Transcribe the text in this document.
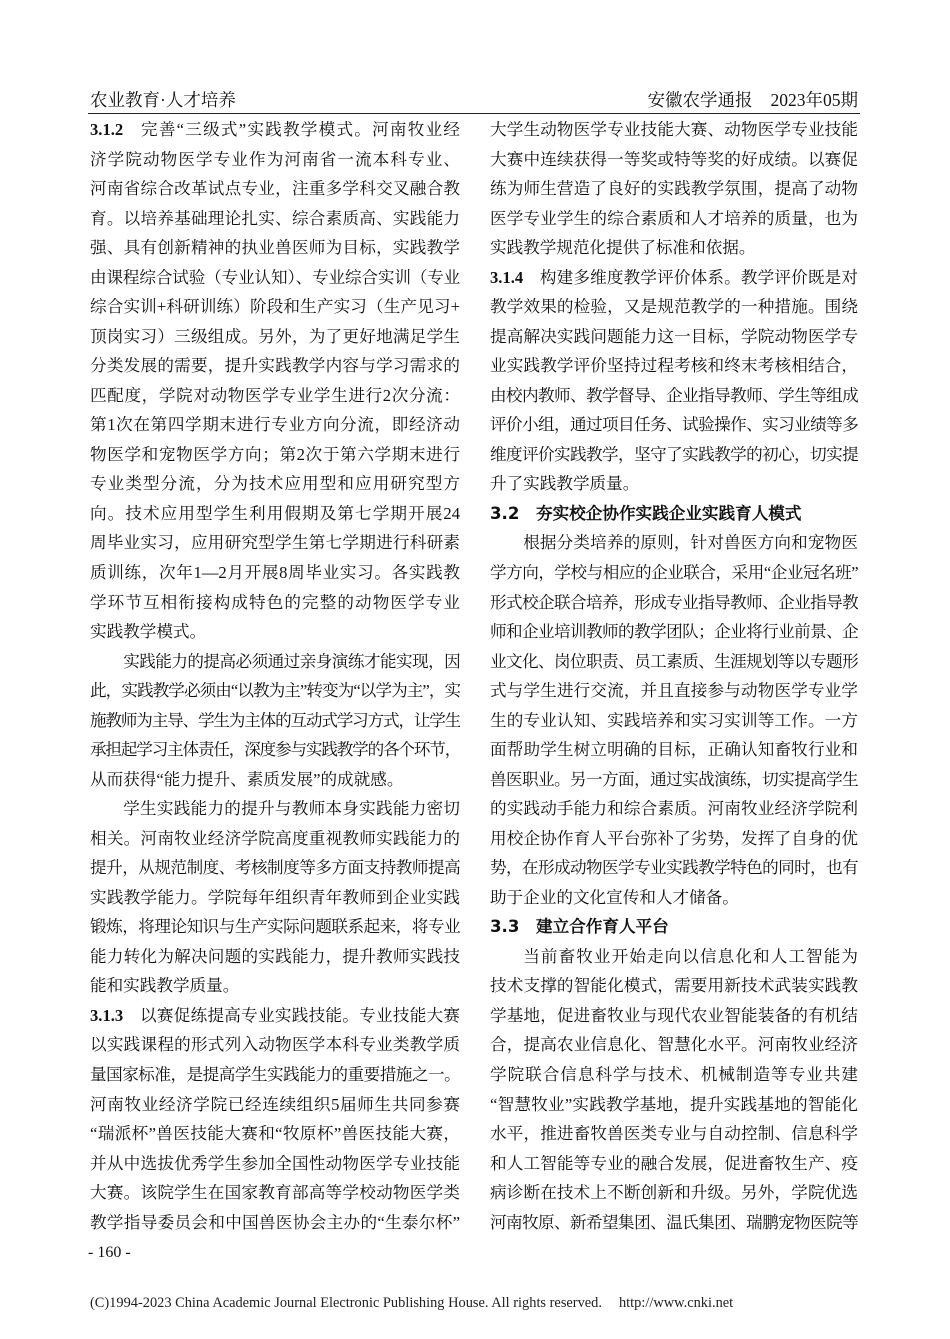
农业教育·人才培养	安徽农学通报 2023年05期
3.1.2 完善“三级式”实践教学模式。河南牧业经
济学院动物医学专业作为河南省一流本科专业、
河南省综合改革试点专业，注重多学科交叉融合教
育。以培养基础理论扎实、综合素质高、实践能力
强、具有创新精神的执业兽医师为目标，实践教学
由课程综合试验（专业认知）、专业综合实训（专业
综合实训+科研训练）阶段和生产实习（生产见习+
顶岗实习）三级组成。另外，为了更好地满足学生
分类发展的需要，提升实践教学内容与学习需求的
匹配度，学院对动物医学专业学生进行2次分流：
第1次在第四学期末进行专业方向分流，即经济动
物医学和宠物医学方向；第2次于第六学期末进行
专业类型分流，分为技术应用型和应用研究型方
向。技术应用型学生利用假期及第七学期开展24
周毕业实习，应用研究型学生第七学期进行科研素
质训练，次年1—2月开展8周毕业实习。各实践教
学环节互相衔接构成特色的完整的动物医学专业
实践教学模式。
实践能力的提高必须通过亲身演练才能实现，因
此，实践教学必须由“以教为主”转变为“以学为主”，实
施教师为主导、学生为主体的互动式学习方式，让学生
承担起学习主体责任，深度参与实践教学的各个环节，
从而获得“能力提升、素质发展”的成就感。
学生实践能力的提升与教师本身实践能力密切
相关。河南牧业经济学院高度重视教师实践能力的
提升，从规范制度、考核制度等多方面支持教师提高
实践教学能力。学院每年组织青年教师到企业实践
锻炼，将理论知识与生产实际问题联系起来，将专业
能力转化为解决问题的实践能力，提升教师实践技
能和实践教学质量。
3.1.3 以赛促练提高专业实践技能。专业技能大赛
以实践课程的形式列入动物医学本科专业类教学质
量国家标准，是提高学生实践能力的重要措施之一。
河南牧业经济学院已经连续组织5届师生共同参赛
“瑞派杯”兽医技能大赛和“牧原杯”兽医技能大赛，
并从中选拔优秀学生参加全国性动物医学专业技能
大赛。该院学生在国家教育部高等学校动物医学类
教学指导委员会和中国兽医协会主办的“生泰尔杯”
大学生动物医学专业技能大赛、动物医学专业技能
大赛中连续获得一等奖或特等奖的好成绩。以赛促
练为师生营造了良好的实践教学氛围，提高了动物
医学专业学生的综合素质和人才培养的质量，也为
实践教学规范化提供了标准和依据。
3.1.4 构建多维度教学评价体系。教学评价既是对
教学效果的检验，又是规范教学的一种措施。围绕
提高解决实践问题能力这一目标，学院动物医学专
业实践教学评价坚持过程考核和终末考核相结合，
由校内教师、教学督导、企业指导教师、学生等组成
评价小组，通过项目任务、试验操作、实习业绩等多
维度评价实践教学，坚守了实践教学的初心，切实提
升了实践教学质量。
3.2 夯实校企协作实践企业实践育人模式
根据分类培养的原则，针对兽医方向和宠物医
学方向，学校与相应的企业联合，采用“企业冠名班”
形式校企联合培养，形成专业指导教师、企业指导教
师和企业培训教师的教学团队；企业将行业前景、企
业文化、岗位职责、员工素质、生涯规划等以专题形
式与学生进行交流，并且直接参与动物医学专业学
生的专业认知、实践培养和实习实训等工作。一方
面帮助学生树立明确的目标，正确认知畜牧行业和
兽医职业。另一方面，通过实战演练，切实提高学生
的实践动手能力和综合素质。河南牧业经济学院利
用校企协作育人平台弥补了劣势，发挥了自身的优
势，在形成动物医学专业实践教学特色的同时，也有
助于企业的文化宣传和人才储备。
3.3 建立合作育人平台
当前畜牧业开始走向以信息化和人工智能为
技术支撑的智能化模式，需要用新技术武装实践教
学基地，促进畜牧业与现代农业智能装备的有机结
合，提高农业信息化、智慧化水平。河南牧业经济
学院联合信息科学与技术、机械制造等专业共建
“智慧牧业”实践教学基地，提升实践基地的智能化
水平，推进畜牧兽医类专业与自动控制、信息科学
和人工智能等专业的融合发展，促进畜牧生产、疫
病诊断在技术上不断创新和升级。另外，学院优选
河南牧原、新希望集团、温氏集团、瑞鹏宠物医院等
- 160 -
(C)1994-2023 China Academic Journal Electronic Publishing House. All rights reserved. http://www.cnki.net
